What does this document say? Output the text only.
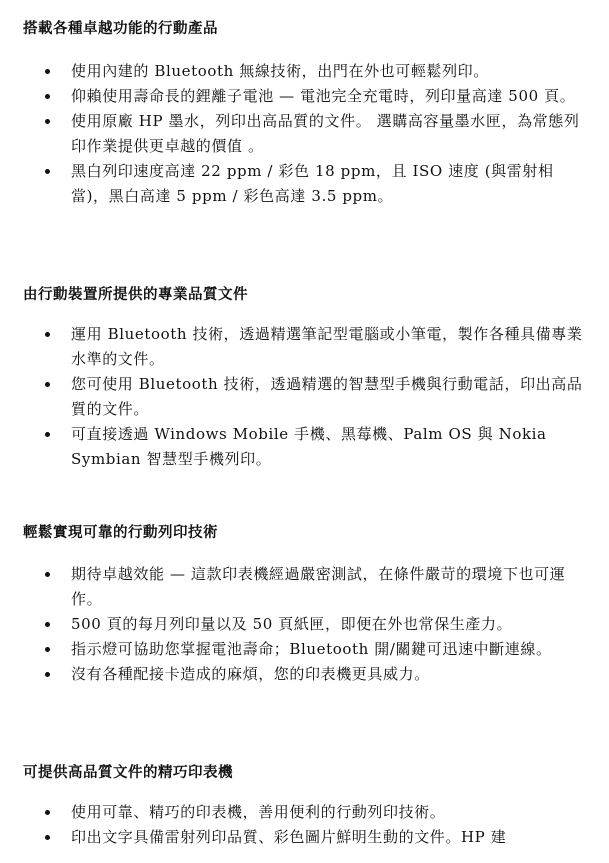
搭載各種卓越功能的行動產品
使用內建的 Bluetooth 無線技術，出門在外也可輕鬆列印。
仰賴使用壽命長的鋰離子電池 — 電池完全充電時，列印量高達 500 頁。
使用原廠 HP 墨水，列印出高品質的文件。 選購高容量墨水匣，為常態列印作業提供更卓越的價值 。
黑白列印速度高達 22 ppm / 彩色 18 ppm，且 ISO 速度 (與雷射相當)，黑白高達 5 ppm / 彩色高達 3.5 ppm。
由行動裝置所提供的專業品質文件
運用 Bluetooth 技術，透過精選筆記型電腦或小筆電，製作各種具備專業水準的文件。
您可使用 Bluetooth 技術，透過精選的智慧型手機與行動電話，印出高品質的文件。
可直接透過 Windows Mobile 手機、黑莓機、Palm OS 與 Nokia Symbian 智慧型手機列印。
輕鬆實現可靠的行動列印技術
期待卓越效能 — 這款印表機經過嚴密測試，在條件嚴苛的環境下也可運作。
500 頁的每月列印量以及 50 頁紙匣，即便在外也常保生產力。
指示燈可協助您掌握電池壽命；Bluetooth 開/關鍵可迅速中斷連線。
沒有各種配接卡造成的麻煩，您的印表機更具威力。
可提供高品質文件的精巧印表機
使用可靠、精巧的印表機，善用便利的行動列印技術。
印出文字具備雷射列印品質、彩色圖片鮮明生動的文件。HP 建
